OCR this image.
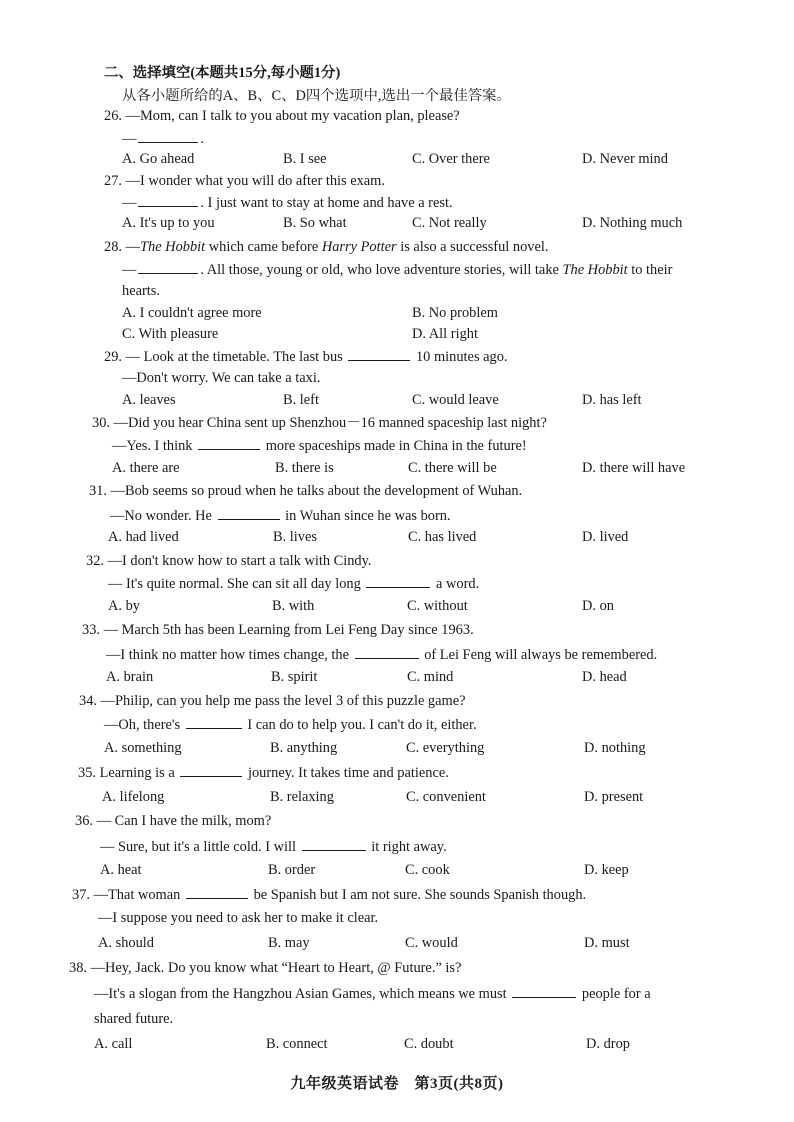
二、选择填空(本题共15分,每小题1分)
从各小题所给的A、B、C、D四个选项中,选出一个最佳答案。
26. —Mom, can I talk to you about my vacation plan, please?
—	.
A. Go ahead	B. I see	C. Over there	D. Never mind
27. —I wonder what you will do after this exam.
—	. I just want to stay at home and have a rest.
A. It's up to you	B. So what	C. Not really	D. Nothing much
28. —The Hobbit which came before Harry Potter is also a successful novel.
—	. All those, young or old, who love adventure stories, will take The Hobbit to their
hearts.
A. I couldn't agree more	B. No problem
C. With pleasure	D. All right
29. — Look at the timetable. The last bus	10 minutes ago.
—Don't worry. We can take a taxi.
A. leaves	B. left	C. would leave	D. has left
30. —Did you hear China sent up Shenzhou－16 manned spaceship last night?
—Yes. I think	more spaceships made in China in the future!
A. there are	B. there is	C. there will be	D. there will have
31. —Bob seems so proud when he talks about the development of Wuhan.
—No wonder. He	in Wuhan since he was born.
A. had lived	B. lives	C. has lived	D. lived
32. —I don't know how to start a talk with Cindy.
— It's quite normal. She can sit all day long	a word.
A. by	B. with	C. without	D. on
33. — March 5th has been Learning from Lei Feng Day since 1963.
—I think no matter how times change, the	of Lei Feng will always be remembered.
A. brain	B. spirit	C. mind	D. head
34. —Philip, can you help me pass the level 3 of this puzzle game?
—Oh, there's	I can do to help you. I can't do it, either.
A. something	B. anything	C. everything	D. nothing
35. Learning is a	journey. It takes time and patience.
A. lifelong	B. relaxing	C. convenient	D. present
36. — Can I have the milk, mom?
— Sure, but it's a little cold. I will	it right away.
A. heat	B. order	C. cook	D. keep
37. —That woman	be Spanish but I am not sure. She sounds Spanish though.
—I suppose you need to ask her to make it clear.
A. should	B. may	C. would	D. must
38. —Hey, Jack. Do you know what “Heart to Heart, @ Future.” is?
—It's a slogan from the Hangzhou Asian Games, which means we must	people for a
shared future.
A. call	B. connect	C. doubt	D. drop
九年级英语试卷　第3页(共8页)
